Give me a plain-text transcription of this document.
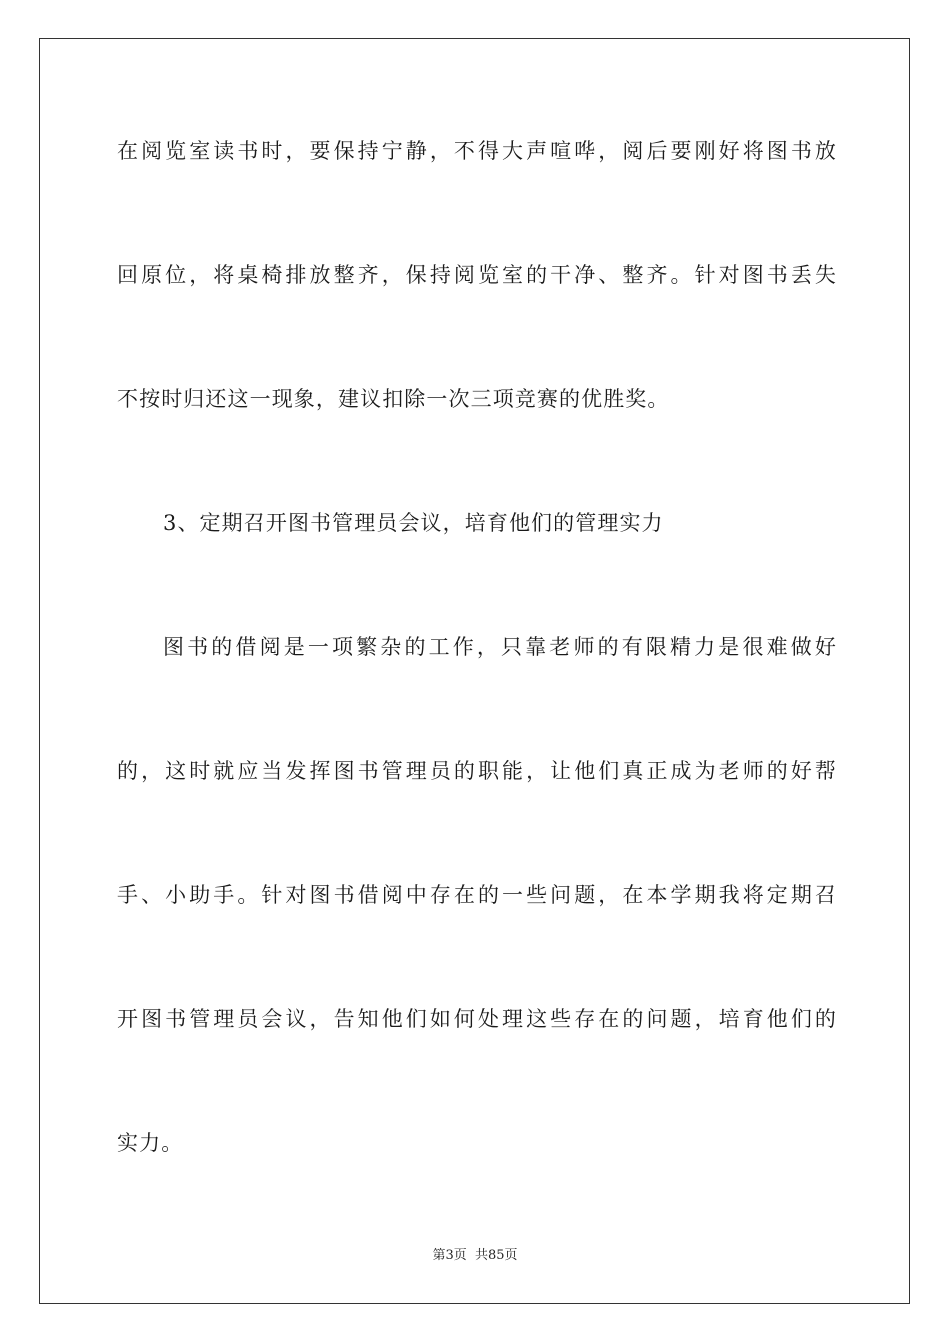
在阅览室读书时，要保持宁静，不得大声喧哗，阅后要刚好将图书放
回原位，将桌椅排放整齐，保持阅览室的干净、整齐。针对图书丢失
不按时归还这一现象，建议扣除一次三项竞赛的优胜奖。
3、定期召开图书管理员会议，培育他们的管理实力
图书的借阅是一项繁杂的工作，只靠老师的有限精力是很难做好
的，这时就应当发挥图书管理员的职能，让他们真正成为老师的好帮
手、小助手。针对图书借阅中存在的一些问题，在本学期我将定期召
开图书管理员会议，告知他们如何处理这些存在的问题，培育他们的
实力。
第3页 共85页
